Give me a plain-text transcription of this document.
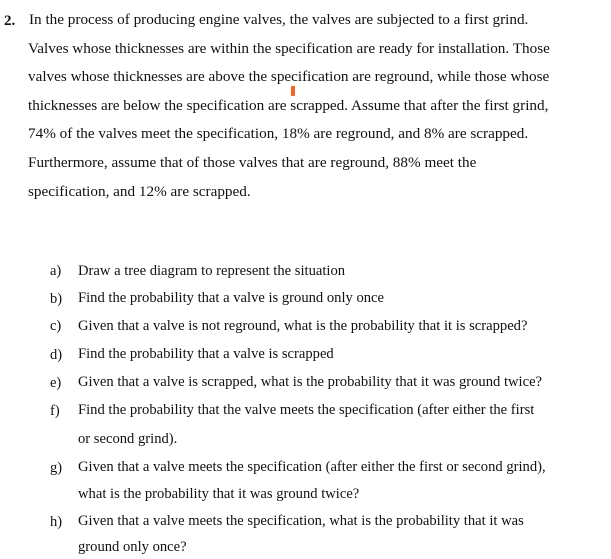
2. In the process of producing engine valves, the valves are subjected to a first grind.
Valves whose thicknesses are within the specification are ready for installation. Those
valves whose thicknesses are above the specification are reground, while those whose
thicknesses are below the specification are scrapped. Assume that after the first grind,
74% of the valves meet the specification, 18% are reground, and 8% are scrapped.
Furthermore, assume that of those valves that are reground, 88% meet the
specification, and 12% are scrapped.
a) Draw a tree diagram to represent the situation
b) Find the probability that a valve is ground only once
c) Given that a valve is not reground, what is the probability that it is scrapped?
d) Find the probability that a valve is scrapped
e) Given that a valve is scrapped, what is the probability that it was ground twice?
f) Find the probability that the valve meets the specification (after either the first
or second grind).
g) Given that a valve meets the specification (after either the first or second grind),
what is the probability that it was ground twice?
h) Given that a valve meets the specification, what is the probability that it was
ground only once?
